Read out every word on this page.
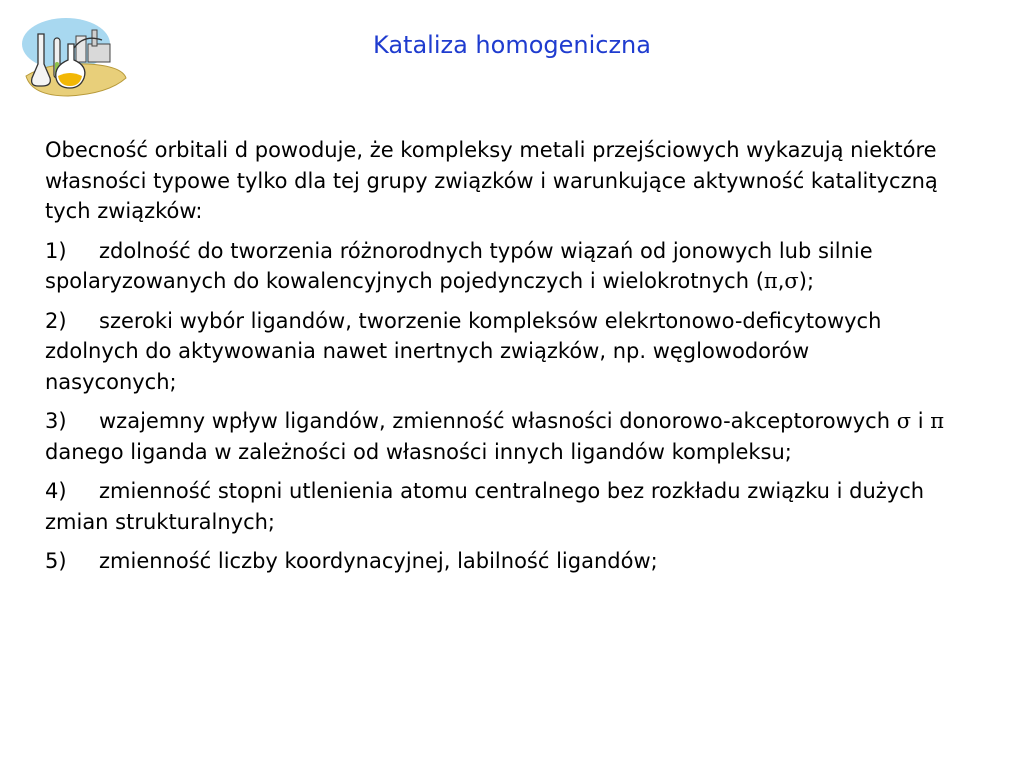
Kataliza homogeniczna

Obecność orbitali d powoduje, że kompleksy metali przejściowych wykazują niektóre własności typowe tylko dla tej grupy związków i warunkujące aktywność katalityczną tych związków:

1) zdolność do tworzenia różnorodnych typów wiązań od jonowych lub silnie spolaryzowanych do kowalencyjnych pojedynczych i wielokrotnych (π,σ);

2) szeroki wybór ligandów, tworzenie kompleksów elekrtonowo-deficytowych zdolnych do aktywowania nawet inertnych związków, np. węglowodorów nasyconych;

3) wzajemny wpływ ligandów, zmienność własności donorowo-akceptorowych σ i π danego liganda w zależności od własności innych ligandów kompleksu;

4) zmienność stopni utlenienia atomu centralnego bez rozkładu związku i dużych zmian strukturalnych;

5) zmienność liczby koordynacyjnej, labilność ligandów;
